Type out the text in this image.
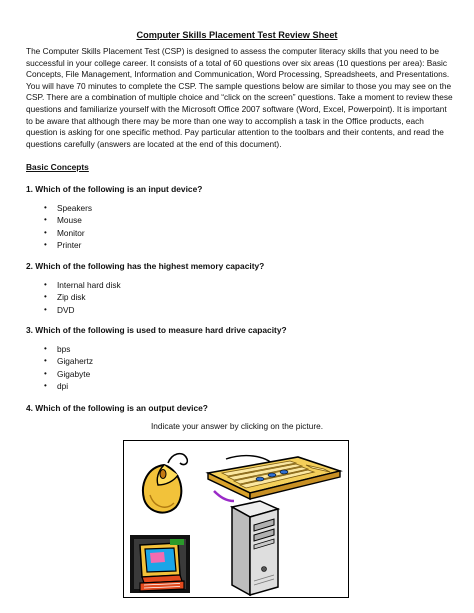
Computer Skills Placement Test Review Sheet
The Computer Skills Placement Test (CSP) is designed to assess the computer literacy skills that you need to be successful in your college career. It consists of a total of 60 questions over six areas (10 questions per area): Basic Concepts, File Management, Information and Communication, Word Processing, Spreadsheets, and Presentations. You will have 70 minutes to complete the CSP. The sample questions below are similar to those you may see on the CSP. There are a combination of multiple choice and “click on the screen” questions. Take a moment to review these questions and familiarize yourself with the Microsoft Office 2007 software (Word, Excel, Powerpoint). It is important to be aware that although there may be more than one way to accomplish a task in the Office products, each question is asking for one specific method. Pay particular attention to the toolbars and their contents, and read the questions carefully (answers are located at the end of this document).
Basic Concepts
1. Which of the following is an input device?
• Speakers
• Mouse
• Monitor
• Printer
2. Which of the following has the highest memory capacity?
• Internal hard disk
• Zip disk
• DVD
3. Which of the following is used to measure hard drive capacity?
• bps
• Gigahertz
• Gigabyte
• dpi
4. Which of the following is an output device?
Indicate your answer by clicking on the picture.
